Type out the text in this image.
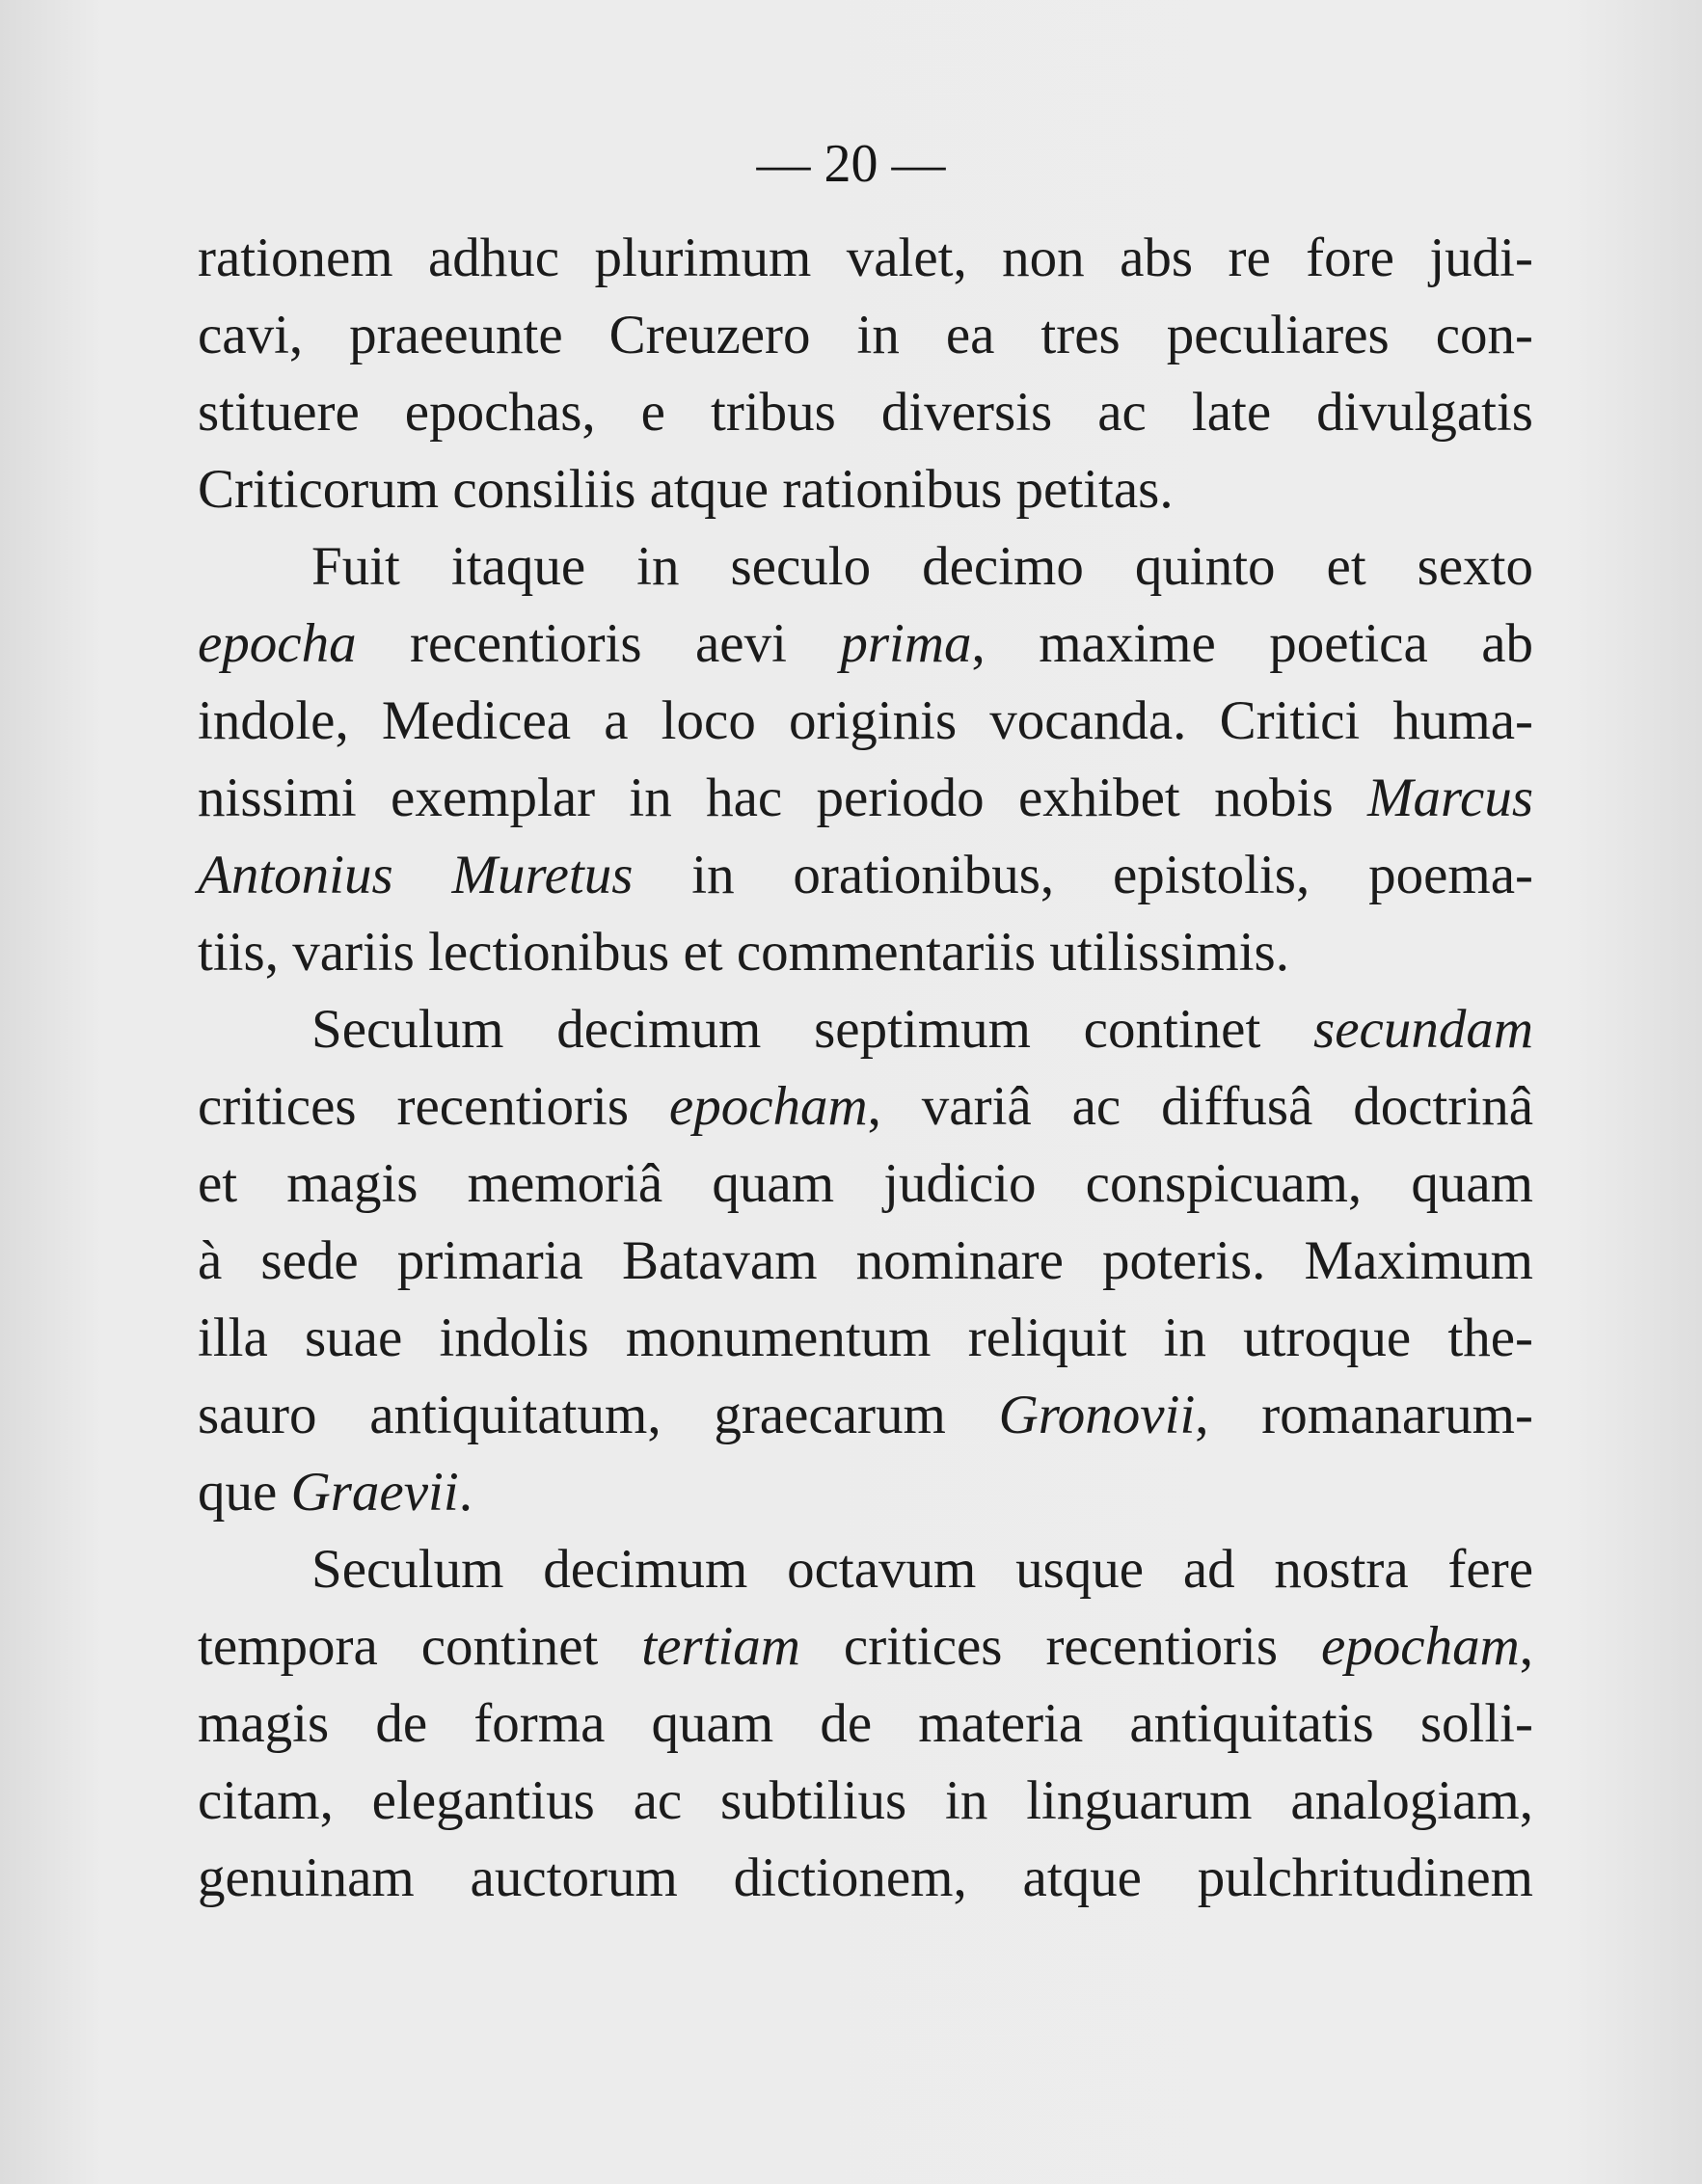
— 20 —
rationem adhuc plurimum valet, non abs re fore judi-
cavi, praeeunte Creuzero in ea tres peculiares con-
stituere epochas, e tribus diversis ac late divulgatis
Criticorum consiliis atque rationibus petitas.
Fuit itaque in seculo decimo quinto et sexto
epocha recentioris aevi prima, maxime poetica ab
indole, Medicea a loco originis vocanda. Critici huma-
nissimi exemplar in hac periodo exhibet nobis Marcus
Antonius Muretus in orationibus, epistolis, poema-
tiis, variis lectionibus et commentariis utilissimis.
Seculum decimum septimum continet secundam
critices recentioris epocham, variâ ac diffusâ doctrinâ
et magis memoriâ quam judicio conspicuam, quam
à sede primaria Batavam nominare poteris. Maximum
illa suae indolis monumentum reliquit in utroque the-
sauro antiquitatum, graecarum Gronovii, romanarum-
que Graevii.
Seculum decimum octavum usque ad nostra fere
tempora continet tertiam critices recentioris epocham,
magis de forma quam de materia antiquitatis solli-
citam, elegantius ac subtilius in linguarum analogiam,
genuinam auctorum dictionem, atque pulchritudinem
